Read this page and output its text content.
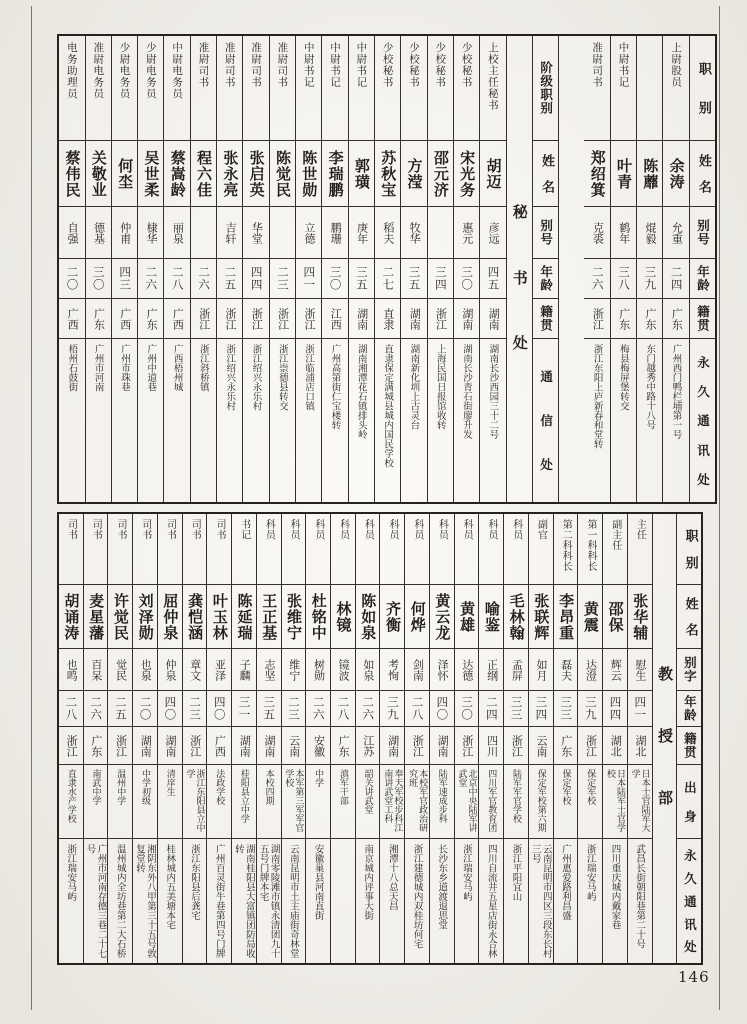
职
别
姓
名
别号
年龄
籍贯
永
久
通
讯
处
上尉股员
余涛
允重
二四
广东
广州西门鸭栏埔第一号
陈蘼
焜毅
三九
广东
东门越秀中路十八号
中尉书记
叶青
鹤年
三八
广东
梅县梅屏堡转交
准尉司书
郑绍箕
克裘
二六
浙江
浙江东阳上庐新春和堂转
阶级职别
姓
名
别号
年龄
籍贯
通
信
处
秘
书
处
上校主任秘书
胡迈
彦远
四五
湖南
湖南长沙西园三十二号
少校秘书
宋光务
惠元
三〇
湖南
湖南长沙青石街廖升发
少校秘书
邵元济
三四
浙江
上海民国日报馆收转
少校秘书
方滢
牧华
三五
湖南
湖南新化圳上古灵台
少校秘书
苏秋宝
稻夫
二七
直隶
直隶保定满城县城内国民学校
中尉书记
郭璜
庚年
三五
湖南
湖南湘潭花石镇排头岭
中尉书记
李瑞鹏
鹏珊
三〇
江西
广州高第街仁宝楼转
中尉书记
陈世勋
立德
四一
浙江
浙江临浦店口镇
准尉司书
陈觉民
二三
浙江
浙江崇德县转交
准尉司书
张启英
华堂
四四
浙江
浙江绍兴永乐村
准尉司书
张永亮
吉轩
二五
浙江
浙江绍兴永乐村
准尉司书
程六佳
二六
浙江
浙江斜桥镇
中尉电务员
蔡嵩龄
丽泉
二八
广西
广西梧州城
少尉电务员
吴世柔
棣华
二六
广东
广州中道巷
少尉电务员
何坔
仲甫
四三
广西
广州市珠巷
准尉电务员
关敬业
德基
三〇
广东
广州市河南
电务助理员
蔡伟民
自强
二〇
广西
梧州石鼓街
职
别
姓
名
别字
年龄
籍贯
出
身
永
久
通
讯
处
教
授
部
主任
张华辅
慰生
四一
湖北
日本士官陆军大学
武昌长街朝阳巷第二十号
副主任
邵保
辉云
四四
湖北
日本陆军士官学校
四川重庆城内戴家巷
第一科科长
黄震
达澄
三九
浙江
保定军校
浙江瑞安马屿
第二科科长
李昂重
磊夫
三三
广东
保定军校
广州惠爱路利昌盛
副官
张联辉
如月
三四
云南
保定军校第六期
云南昆明市四区三段东长村三号
科员
毛林翰
孟屏
三三
浙江
陆军军官学校
浙江平阳宜山
科员
喻鉴
正纲
二四
四川
四川军官教育团
四川自流井五星店街永合林
科员
黄雄
达德
三〇
浙江
北京中央陆军讲武堂
浙江瑞安马屿
科员
黄云龙
泽怀
四〇
湖南
陆军速成步科
长沙东乡道渡退思堂
科员
何烨
剑南
二八
浙江
本校军官政治研究班
浙江建德城内双桂坊何宅
科员
齐衡
考恂
三九
湖南
奉天军校步科江南讲武堂工科
湘潭十八总天昌
科员
陈如泉
如泉
二六
江苏
韶关讲武堂
南京城内评事大街
科员
林镜
镜波
二八
广东
滇军干部
科员
杜铭中
树勋
二六
安徽
中学
安徽巢县河南直街
科员
张维宁
维宁
二三
云南
本军第三军军官学校
云南昆明市土主庙街奇林堂
科员
王正基
志坚
三五
湖南
本校四期
湖南零陵滩市镇永清团九十五号门牌本宅
书记
陈延瑞
子麟
三一
湖南
桂阳县立中学
湖南桂阳县大富镇团防局收转
司书
叶玉林
亚泽
四〇
广西
法政学校
广州百灵街牛巷第四号门牌
司书
龚恺涵
章文
二三
浙江
浙江东阳县立中学
浙江东阳县后龚宅
司书
屈仲泉
仲泉
四〇
湖南
清庠生
桂林城内五美塘本宅
司书
刘泽勋
也泉
二〇
湖南
中学初级
湘阴东外八甲第三十五号敦复堂转
司书
许觉民
觉民
二五
浙江
温州中学
温州城内全坊巷第二大石桥
司书
麦星藩
百呆
二六
广东
南武中学
广州市河南存德三巷二十七号
司书
胡诵涛
也鸣
二八
浙江
直隶水产学校
浙江瑞安马屿
146
